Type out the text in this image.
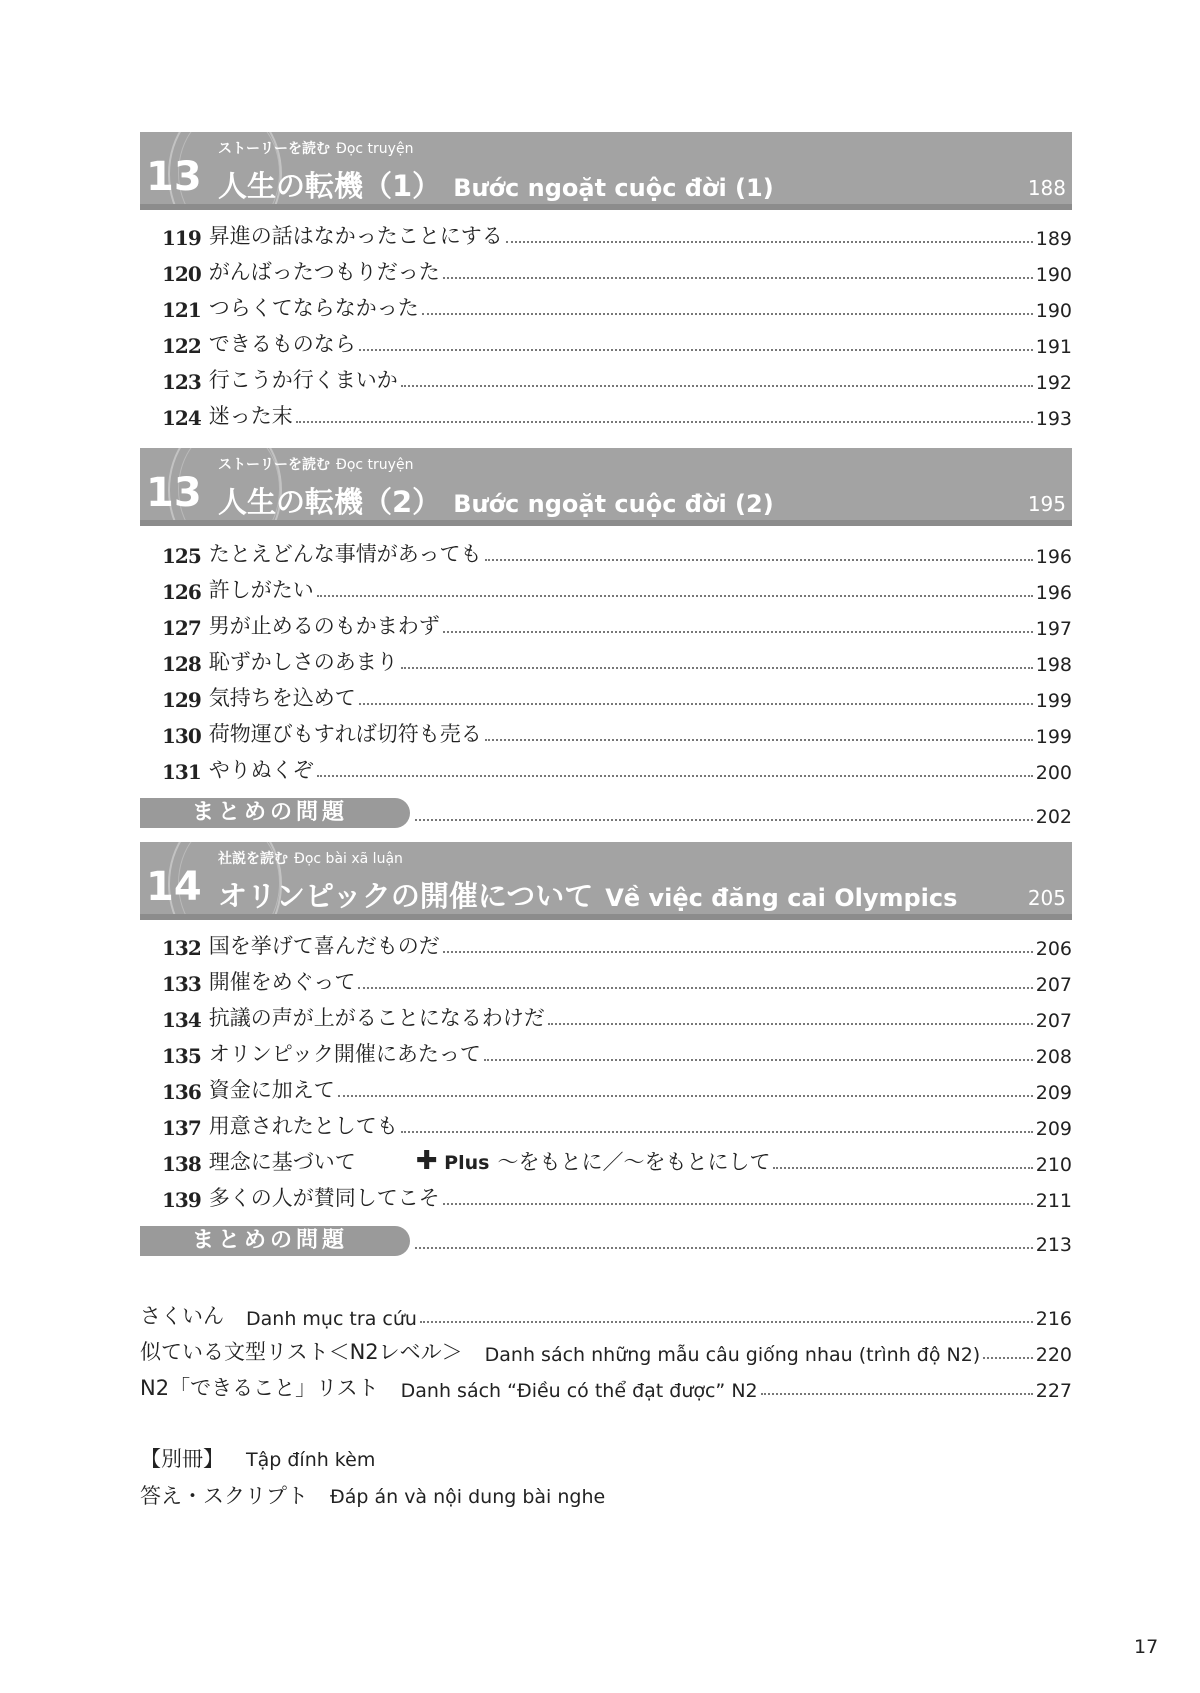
13
ストーリーを読む Đọc truyện
人生の転機（1） Bước ngoặt cuộc đời (1)	188
119 昇進の話はなかったことにする	189
120 がんばったつもりだった	190
121 つらくてならなかった	190
122 できるものなら	191
123 行こうか行くまいか	192
124 迷った末	193
13
ストーリーを読む Đọc truyện
人生の転機（2） Bước ngoặt cuộc đời (2)	195
125 たとえどんな事情があっても	196
126 許しがたい	196
127 男が止めるのもかまわず	197
128 恥ずかしさのあまり	198
129 気持ちを込めて	199
130 荷物運びもすれば切符も売る	199
131 やりぬくぞ	200
まとめの問題	202
14
社説を読む Đọc bài xã luận
オリンピックの開催について Về việc đăng cai Olympics	205
132 国を挙げて喜んだものだ	206
133 開催をめぐって	207
134 抗議の声が上がることになるわけだ	207
135 オリンピック開催にあたって	208
136 資金に加えて	209
137 用意されたとしても	209
138 理念に基づいて ✚ Plus ～をもとに／～をもとにして	210
139 多くの人が賛同してこそ	211
まとめの問題	213
さくいん Danh mục tra cứu	216
似ている文型リスト＜N2レベル＞ Danh sách những mẫu câu giống nhau (trình độ N2)	220
N2「できること」リスト Danh sách “Điều có thể đạt được” N2	227
【別冊】 Tập đính kèm
答え・スクリプト Đáp án và nội dung bài nghe
17
